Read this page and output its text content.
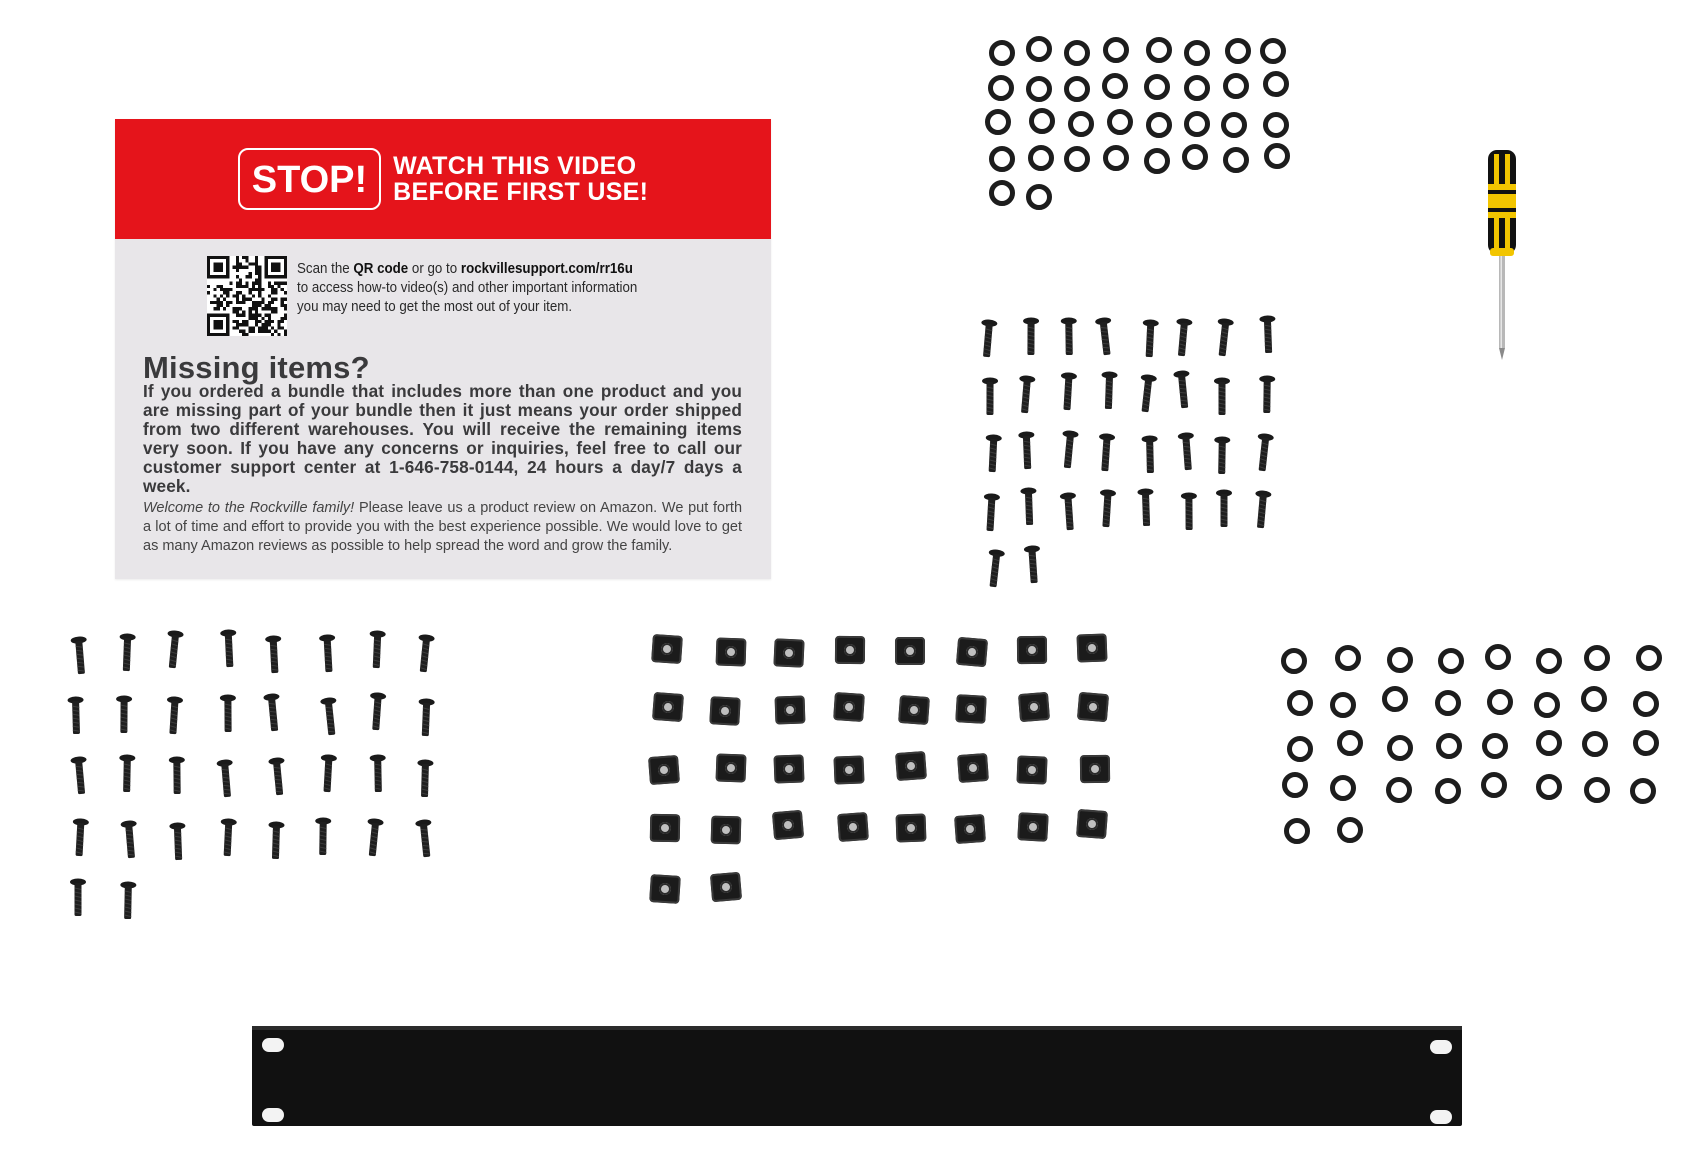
STOP!	WATCH THIS VIDEO
BEFORE FIRST USE!
Scan the QR code or go to rockvillesupport.com/rr16u
to access how-to video(s) and other important information
you may need to get the most out of your item.
Missing items?
If you ordered a bundle that includes more than one product and you are missing part of your bundle then it just means your order shipped from two different warehouses. You will receive the remaining items very soon. If you have any concerns or inquiries, feel free to call our customer support center at 1-646-758-0144, 24 hours a day/7 days a week.
Welcome to the Rockville family! Please leave us a product review on Amazon. We put forth a lot of time and effort to provide you with the best experience possible. We would love to get as many Amazon reviews as possible to help spread the word and grow the family.
